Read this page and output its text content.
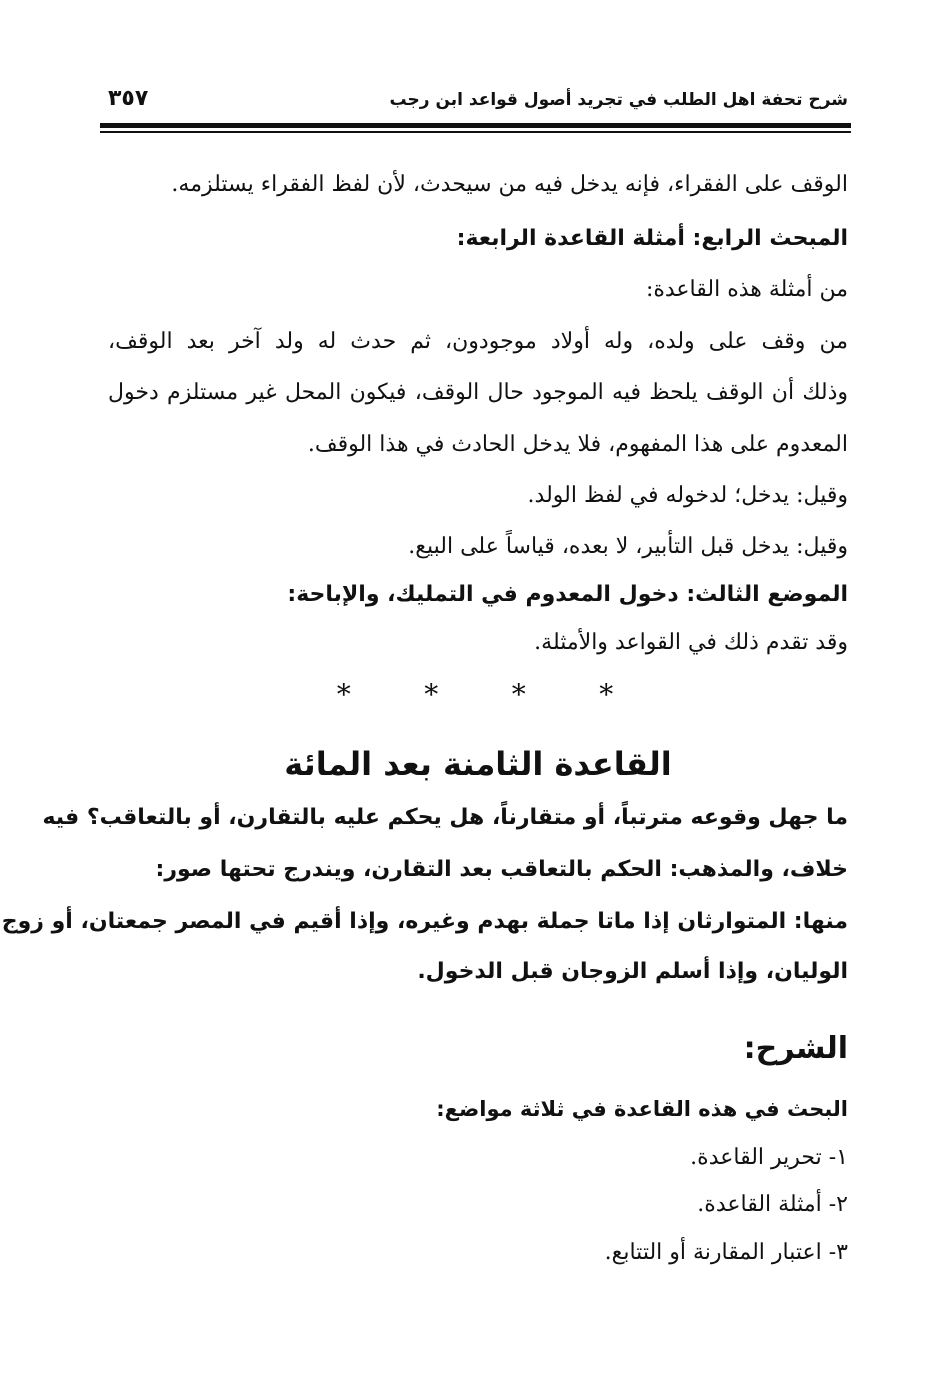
شرح تحفة اهل الطلب في تجريد أصول قواعد ابن رجب
٣٥٧
الوقف على الفقراء، فإنه يدخل فيه من سيحدث، لأن لفظ الفقراء يستلزمه.
المبحث الرابع: أمثلة القاعدة الرابعة:
من أمثلة هذه القاعدة:
من وقف على ولده، وله أولاد موجودون، ثم حدث له ولد آخر بعد الوقف،
وذلك أن الوقف يلحظ فيه الموجود حال الوقف، فيكون المحل غير مستلزم دخول
المعدوم على هذا المفهوم، فلا يدخل الحادث في هذا الوقف.
وقيل: يدخل؛ لدخوله في لفظ الولد.
وقيل: يدخل قبل التأبير، لا بعده، قياساً على البيع.
الموضع الثالث: دخول المعدوم في التمليك، والإباحة:
وقد تقدم ذلك في القواعد والأمثلة.
*	*	*	*
القاعدة الثامنة بعد المائة
ما جهل وقوعه مترتباً، أو متقارناً، هل يحكم عليه بالتقارن، أو بالتعاقب؟ فيه
خلاف، والمذهب: الحكم بالتعاقب بعد التقارن، ويندرج تحتها صور:
منها: المتوارثان إذا ماتا جملة بهدم وغيره، وإذا أقيم في المصر جمعتان، أو زوج
الوليان، وإذا أسلم الزوجان قبل الدخول.
الشرح:
البحث في هذه القاعدة في ثلاثة مواضع:
١- تحرير القاعدة.
٢- أمثلة القاعدة.
٣- اعتبار المقارنة أو التتابع.
